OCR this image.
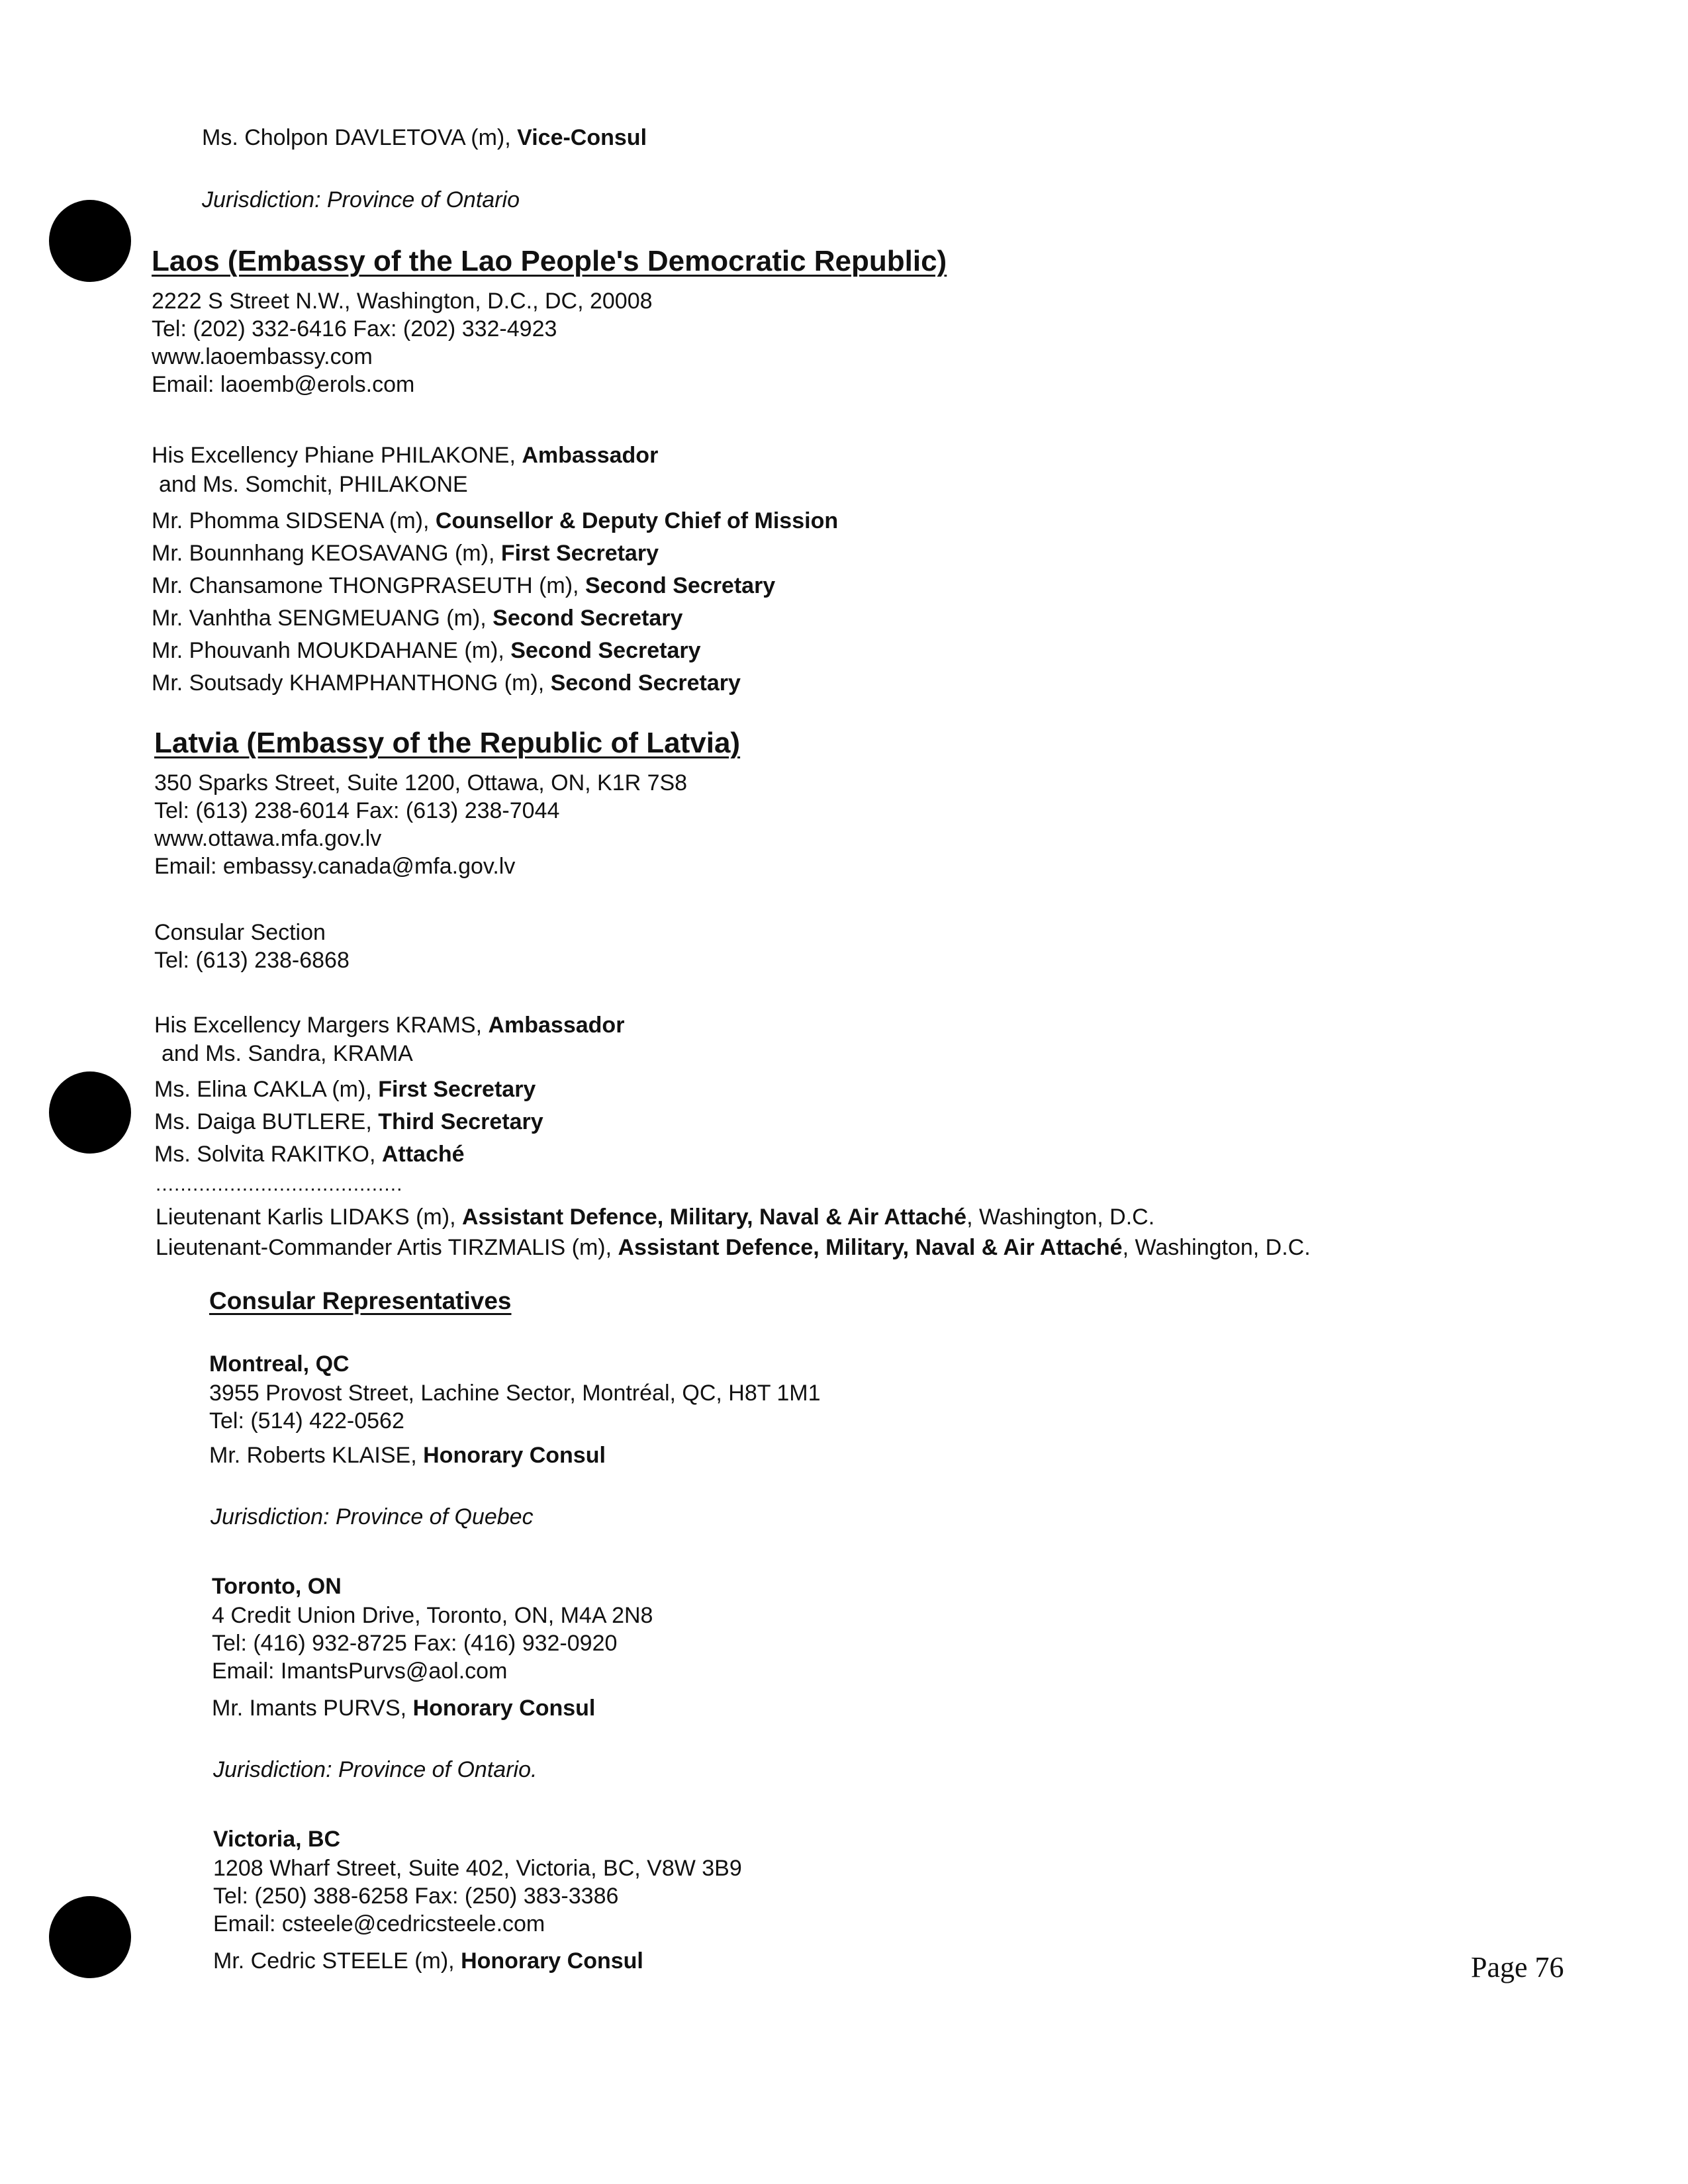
Ms. Cholpon DAVLETOVA (m), Vice-Consul
Jurisdiction: Province of Ontario
Laos (Embassy of the Lao People's Democratic Republic)
2222 S Street N.W., Washington, D.C., DC, 20008
Tel: (202) 332-6416 Fax: (202) 332-4923
www.laoembassy.com
Email: laoemb@erols.com
His Excellency Phiane PHILAKONE, Ambassador
and Ms. Somchit, PHILAKONE
Mr. Phomma SIDSENA (m), Counsellor & Deputy Chief of Mission
Mr. Bounnhang KEOSAVANG (m), First Secretary
Mr. Chansamone THONGPRASEUTH (m), Second Secretary
Mr. Vanhtha SENGMEUANG (m), Second Secretary
Mr. Phouvanh MOUKDAHANE (m), Second Secretary
Mr. Soutsady KHAMPHANTHONG (m), Second Secretary
Latvia (Embassy of the Republic of Latvia)
350 Sparks Street, Suite 1200, Ottawa, ON, K1R 7S8
Tel: (613) 238-6014 Fax: (613) 238-7044
www.ottawa.mfa.gov.lv
Email: embassy.canada@mfa.gov.lv
Consular Section
Tel: (613) 238-6868
His Excellency Margers KRAMS, Ambassador
and Ms. Sandra, KRAMA
Ms. Elina CAKLA (m), First Secretary
Ms. Daiga BUTLERE, Third Secretary
Ms. Solvita RAKITKO, Attaché
........................................
Lieutenant Karlis LIDAKS (m), Assistant Defence, Military, Naval & Air Attaché, Washington, D.C.
Lieutenant-Commander Artis TIRZMALIS (m), Assistant Defence, Military, Naval & Air Attaché, Washington, D.C.
Consular Representatives
Montreal, QC
3955 Provost Street, Lachine Sector, Montréal, QC, H8T 1M1
Tel: (514) 422-0562
Mr. Roberts KLAISE, Honorary Consul
Jurisdiction: Province of Quebec
Toronto, ON
4 Credit Union Drive, Toronto, ON, M4A 2N8
Tel: (416) 932-8725 Fax: (416) 932-0920
Email: ImantsPurvs@aol.com
Mr. Imants PURVS, Honorary Consul
Jurisdiction: Province of Ontario.
Victoria, BC
1208 Wharf Street, Suite 402, Victoria, BC, V8W 3B9
Tel: (250) 388-6258 Fax: (250) 383-3386
Email: csteele@cedricsteele.com
Mr. Cedric STEELE (m), Honorary Consul	Page 76
